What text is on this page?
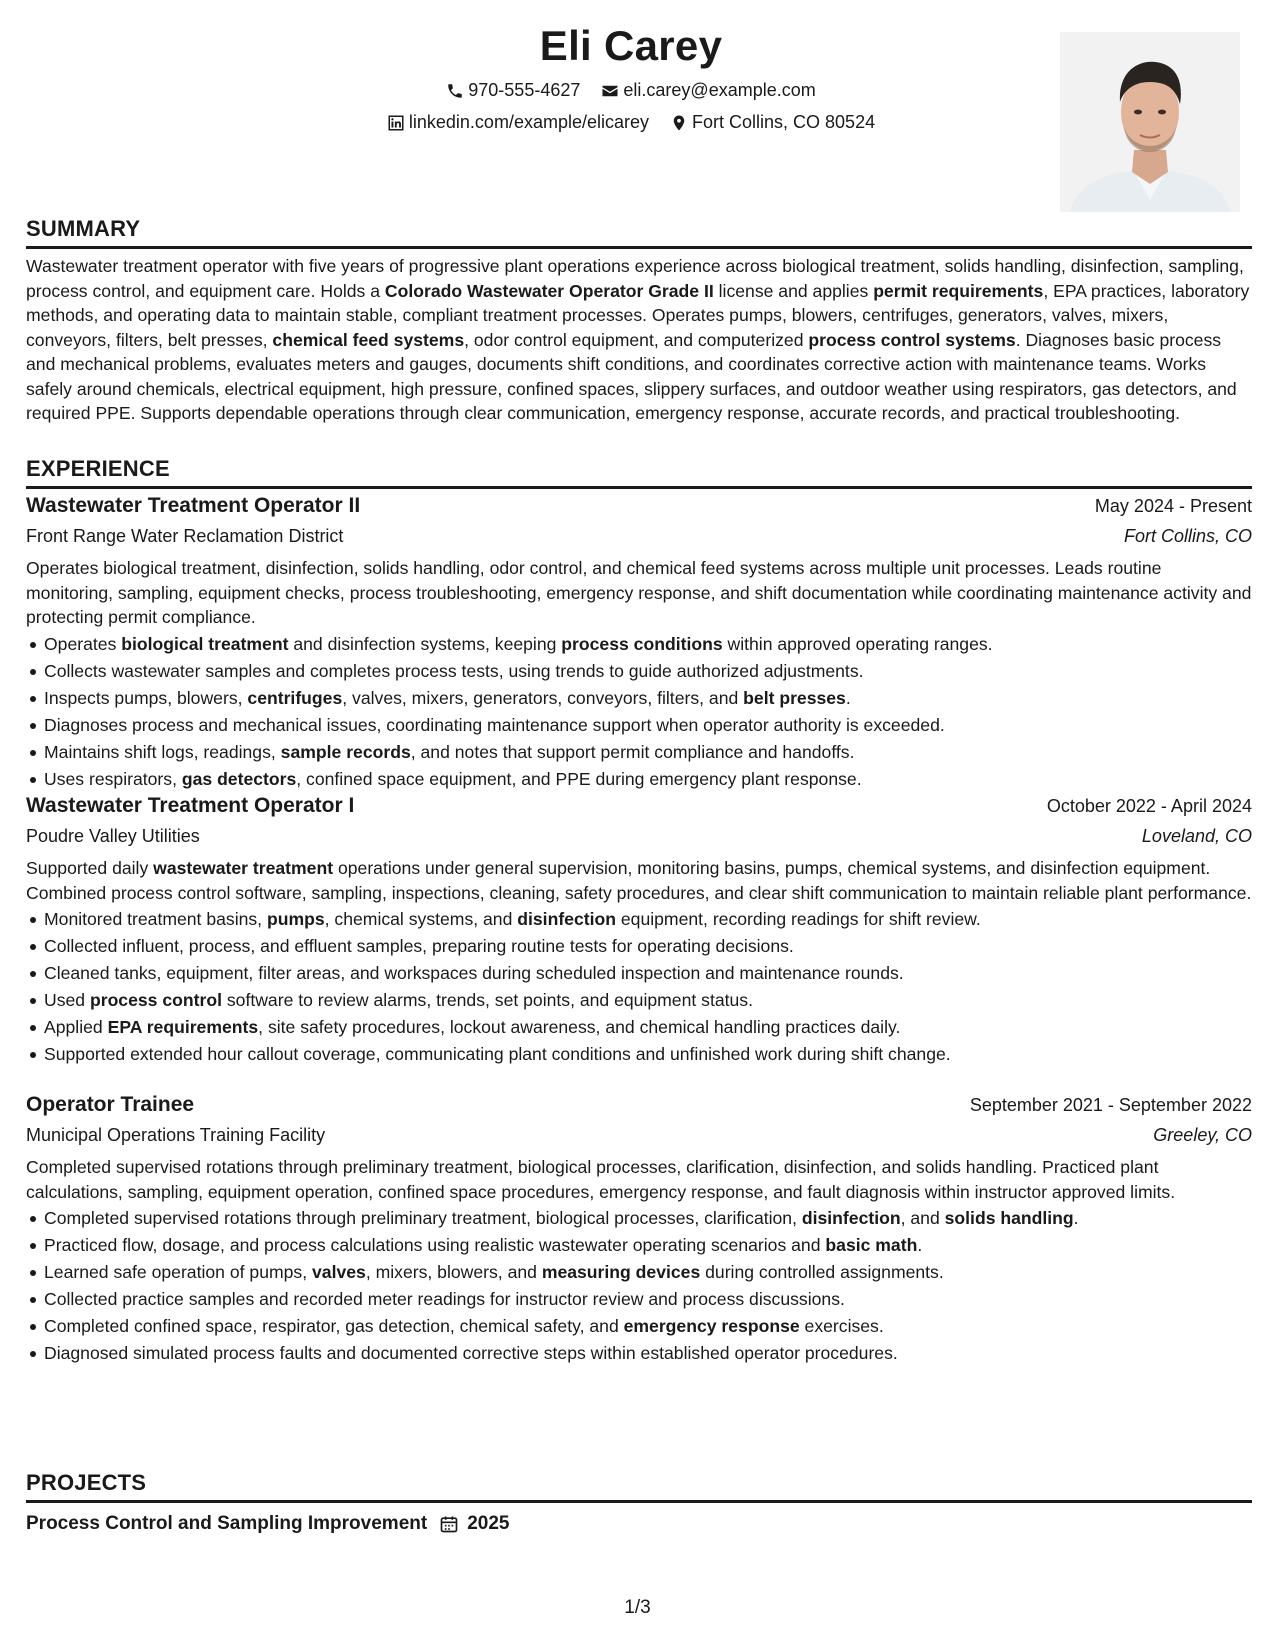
Eli Carey
970-555-4627
eli.carey@example.com
linkedin.com/example/elicarey
Fort Collins, CO 80524
SUMMARY
Wastewater treatment operator with five years of progressive plant operations experience across biological treatment, solids handling, disinfection, sampling, process control, and equipment care. Holds a Colorado Wastewater Operator Grade II license and applies permit requirements, EPA practices, laboratory methods, and operating data to maintain stable, compliant treatment processes. Operates pumps, blowers, centrifuges, generators, valves, mixers, conveyors, filters, belt presses, chemical feed systems, odor control equipment, and computerized process control systems. Diagnoses basic process and mechanical problems, evaluates meters and gauges, documents shift conditions, and coordinates corrective action with maintenance teams. Works safely around chemicals, electrical equipment, high pressure, confined spaces, slippery surfaces, and outdoor weather using respirators, gas detectors, and required PPE. Supports dependable operations through clear communication, emergency response, accurate records, and practical troubleshooting.
EXPERIENCE
Wastewater Treatment Operator II	May 2024 - Present
Front Range Water Reclamation District	Fort Collins, CO
Operates biological treatment, disinfection, solids handling, odor control, and chemical feed systems across multiple unit processes. Leads routine monitoring, sampling, equipment checks, process troubleshooting, emergency response, and shift documentation while coordinating maintenance activity and protecting permit compliance.
Operates biological treatment and disinfection systems, keeping process conditions within approved operating ranges.
Collects wastewater samples and completes process tests, using trends to guide authorized adjustments.
Inspects pumps, blowers, centrifuges, valves, mixers, generators, conveyors, filters, and belt presses.
Diagnoses process and mechanical issues, coordinating maintenance support when operator authority is exceeded.
Maintains shift logs, readings, sample records, and notes that support permit compliance and handoffs.
Uses respirators, gas detectors, confined space equipment, and PPE during emergency plant response.
Wastewater Treatment Operator I	October 2022 - April 2024
Poudre Valley Utilities	Loveland, CO
Supported daily wastewater treatment operations under general supervision, monitoring basins, pumps, chemical systems, and disinfection equipment. Combined process control software, sampling, inspections, cleaning, safety procedures, and clear shift communication to maintain reliable plant performance.
Monitored treatment basins, pumps, chemical systems, and disinfection equipment, recording readings for shift review.
Collected influent, process, and effluent samples, preparing routine tests for operating decisions.
Cleaned tanks, equipment, filter areas, and workspaces during scheduled inspection and maintenance rounds.
Used process control software to review alarms, trends, set points, and equipment status.
Applied EPA requirements, site safety procedures, lockout awareness, and chemical handling practices daily.
Supported extended hour callout coverage, communicating plant conditions and unfinished work during shift change.
Operator Trainee	September 2021 - September 2022
Municipal Operations Training Facility	Greeley, CO
Completed supervised rotations through preliminary treatment, biological processes, clarification, disinfection, and solids handling. Practiced plant calculations, sampling, equipment operation, confined space procedures, emergency response, and fault diagnosis within instructor approved limits.
Completed supervised rotations through preliminary treatment, biological processes, clarification, disinfection, and solids handling.
Practiced flow, dosage, and process calculations using realistic wastewater operating scenarios and basic math.
Learned safe operation of pumps, valves, mixers, blowers, and measuring devices during controlled assignments.
Collected practice samples and recorded meter readings for instructor review and process discussions.
Completed confined space, respirator, gas detection, chemical safety, and emergency response exercises.
Diagnosed simulated process faults and documented corrective steps within established operator procedures.
PROJECTS
Process Control and Sampling Improvement 2025
1/3
